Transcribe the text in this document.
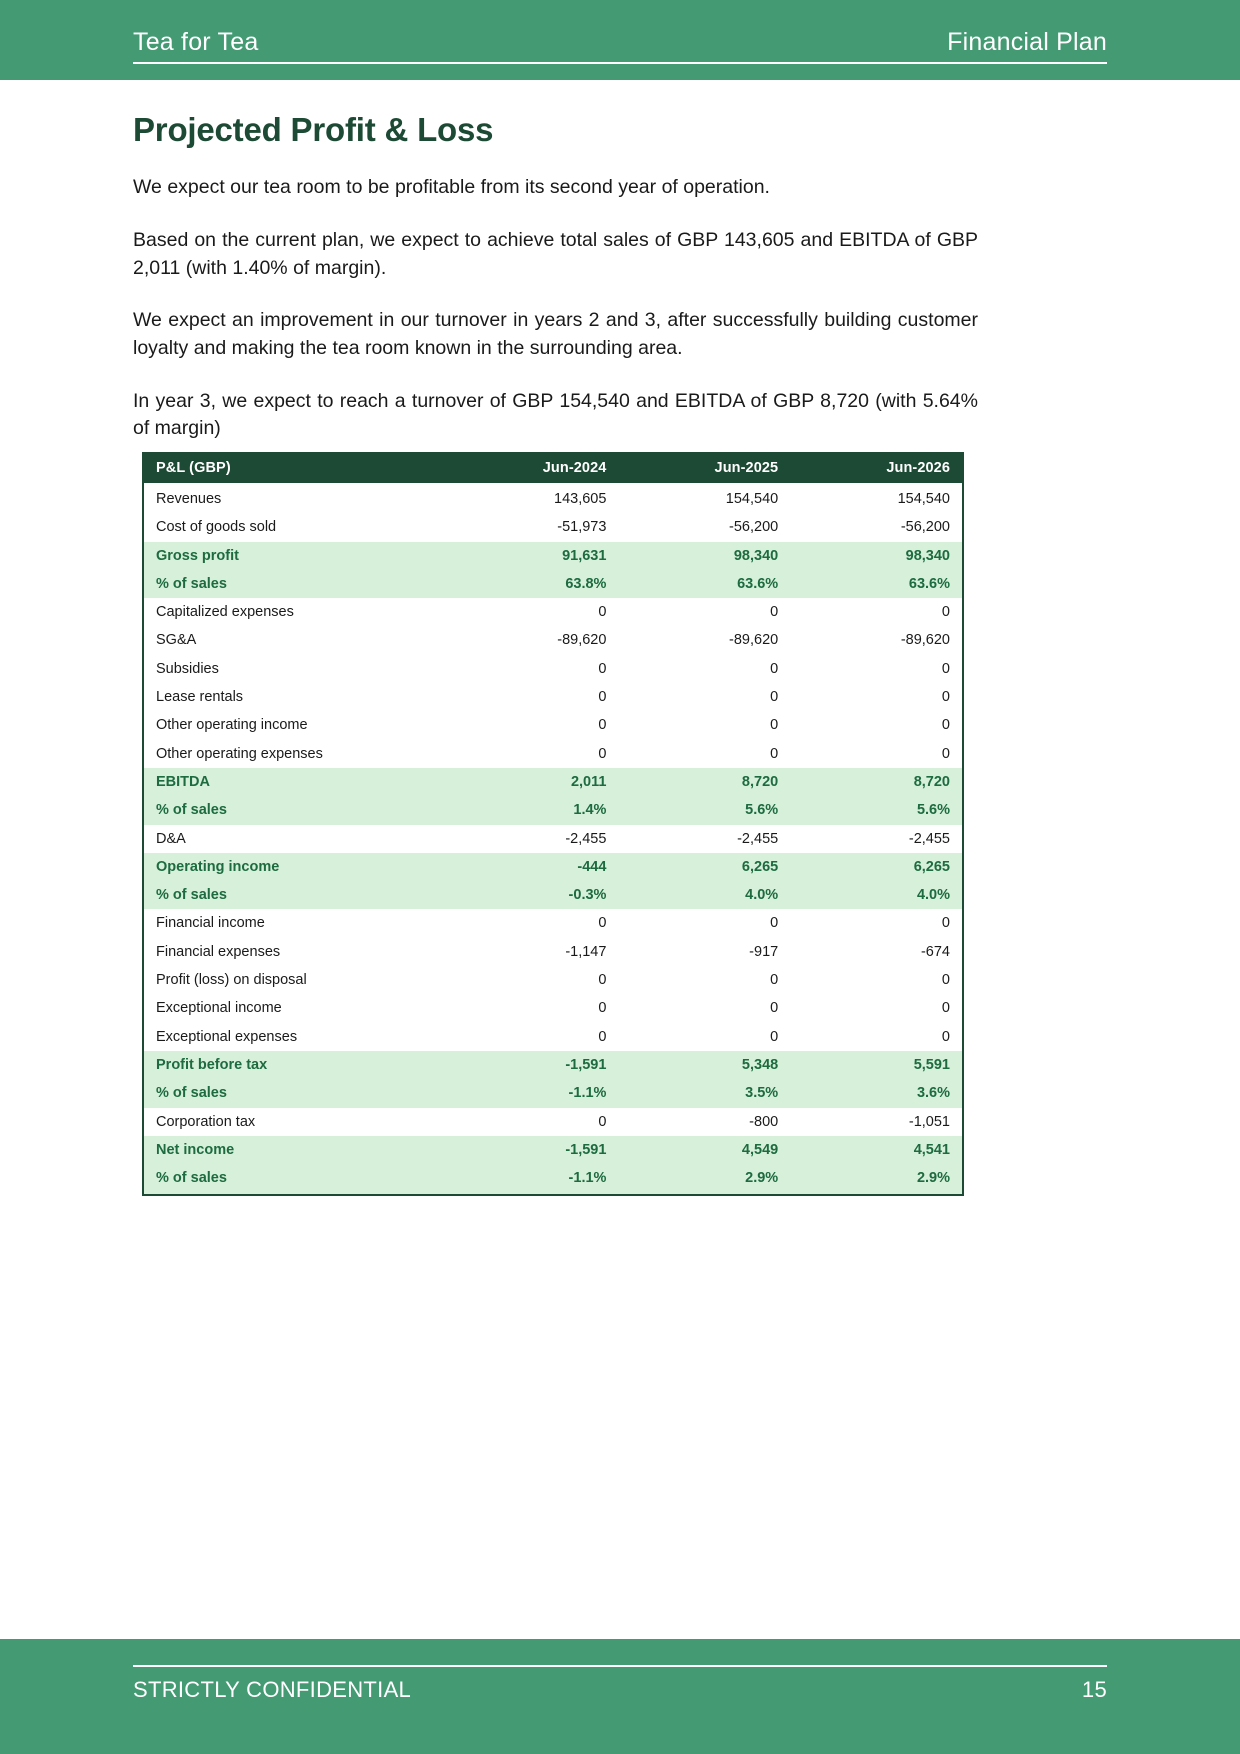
Tea for Tea	Financial Plan
Projected Profit & Loss

We expect our tea room to be profitable from its second year of operation.

Based on the current plan, we expect to achieve total sales of GBP 143,605 and EBITDA of GBP 2,011 (with 1.40% of margin).

We expect an improvement in our turnover in years 2 and 3, after successfully building customer loyalty and making the tea room known in the surrounding area.

In year 3, we expect to reach a turnover of GBP 154,540 and EBITDA of GBP 8,720 (with 5.64% of margin)

P&L (GBP)	Jun-2024	Jun-2025	Jun-2026
Revenues	143,605	154,540	154,540
Cost of goods sold	-51,973	-56,200	-56,200
Gross profit	91,631	98,340	98,340
% of sales	63.8%	63.6%	63.6%
Capitalized expenses	0	0	0
SG&A	-89,620	-89,620	-89,620
Subsidies	0	0	0
Lease rentals	0	0	0
Other operating income	0	0	0
Other operating expenses	0	0	0
EBITDA	2,011	8,720	8,720
% of sales	1.4%	5.6%	5.6%
D&A	-2,455	-2,455	-2,455
Operating income	-444	6,265	6,265
% of sales	-0.3%	4.0%	4.0%
Financial income	0	0	0
Financial expenses	-1,147	-917	-674
Profit (loss) on disposal	0	0	0
Exceptional income	0	0	0
Exceptional expenses	0	0	0
Profit before tax	-1,591	5,348	5,591
% of sales	-1.1%	3.5%	3.6%
Corporation tax	0	-800	-1,051
Net income	-1,591	4,549	4,541
% of sales	-1.1%	2.9%	2.9%
STRICTLY CONFIDENTIAL	15
